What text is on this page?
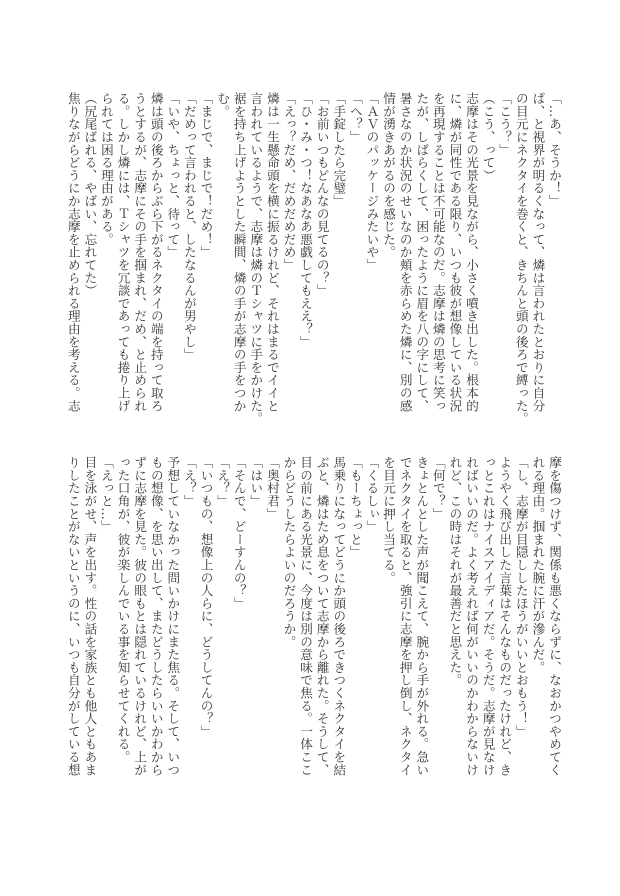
「…あ、そうか！」
ぱ、と視界が明るくなって、燐は言われたとおりに自分
の目元にネクタイを巻くと、きちんと頭の後ろで縛った。
「こう？」
（こう、って）
志摩はその光景を見ながら、小さく噴き出した。根本的
に、燐が同性である限り、いつも彼が想像している状況
を再現することは不可能なのだ。志摩は燐の思考に笑っ
たが、しばらくして、困ったように眉を八の字にして、
暑さなのか状況のせいなのか頬を赤らめた燐に、別の感
情が湧きあがるのを感じた。
「ＡＶのパッケージみたいや」
「へ？」
「手錠したら完璧」
「お前いつもどんなの見てるの？」
「ひ・み・つ！なあなあ悪戯してもええ？」
「えっ？だめ、だめだめだめ」
燐は一生懸命頭を横に振るけれど、それはまるでイイと
言われているようで、志摩は燐のＴシャツに手をかけた。
裾を持ち上げようとした瞬間、燐の手が志摩の手をつか
む。
「まじで、まじで！だめ！」
「だめって言われると、したなるんが男やし」
「いや、ちょっと、待って」
燐は頭の後ろからぶら下がるネクタイの端を持って取ろ
うとするが、志摩にその手を掴まれ、だめ、と止められ
る。しかし燐には、Ｔシャツを冗談であっても捲り上げ
られては困る理由がある。
（尻尾ばれる、やばい、忘れてた）
焦りながらどうにか志摩を止められる理由を考える。志
摩を傷つけず、関係も悪くならずに、なおかつやめてく
れる理由。掴まれた腕に汗が滲んだ。
「し、志摩が目隠ししたほうがいいとおもう！」
ようやく飛び出した言葉はそんなものだったけれど、き
っとこれはナイスアイディアだ。そうだ。志摩が見なけ
ればいいのだ。よく考えれば何がいいのかわからないけ
れど、この時はそれが最善だと思えた。
「何で？」
きょとんとした声が聞こえて、腕から手が外れる。急い
でネクタイを取ると、強引に志摩を押し倒し、ネクタイ
を目元に押し当てる。
「くるしぃ」
「もーちょっと」
馬乗りになってどうにか頭の後ろできつくネクタイを結
ぶと、燐はため息をついて志摩から離れた。そうして、
目の前にある光景に、今度は別の意味で焦る。一体ここ
からどうしたらよいのだろうか。
「奥村君」
「はい」
「そんで、どーすんの？」
「え？」
「いつもの、想像上の人らに、どうしてんの？」
「え？」
予想していなかった問いかけにまた焦る。そして、いつ
もの想像、を思い出して、またどうしたらいいかわから
ずに志摩を見た。彼の眼もとは隠れているけれど、上が
った口角が、彼が楽しんでいる事を知らせてくれる。
「えっと…」
目を泳がせ、声を出す。性の話を家族とも他人ともあま
りしたことがないというのに、いつも自分がしている想
